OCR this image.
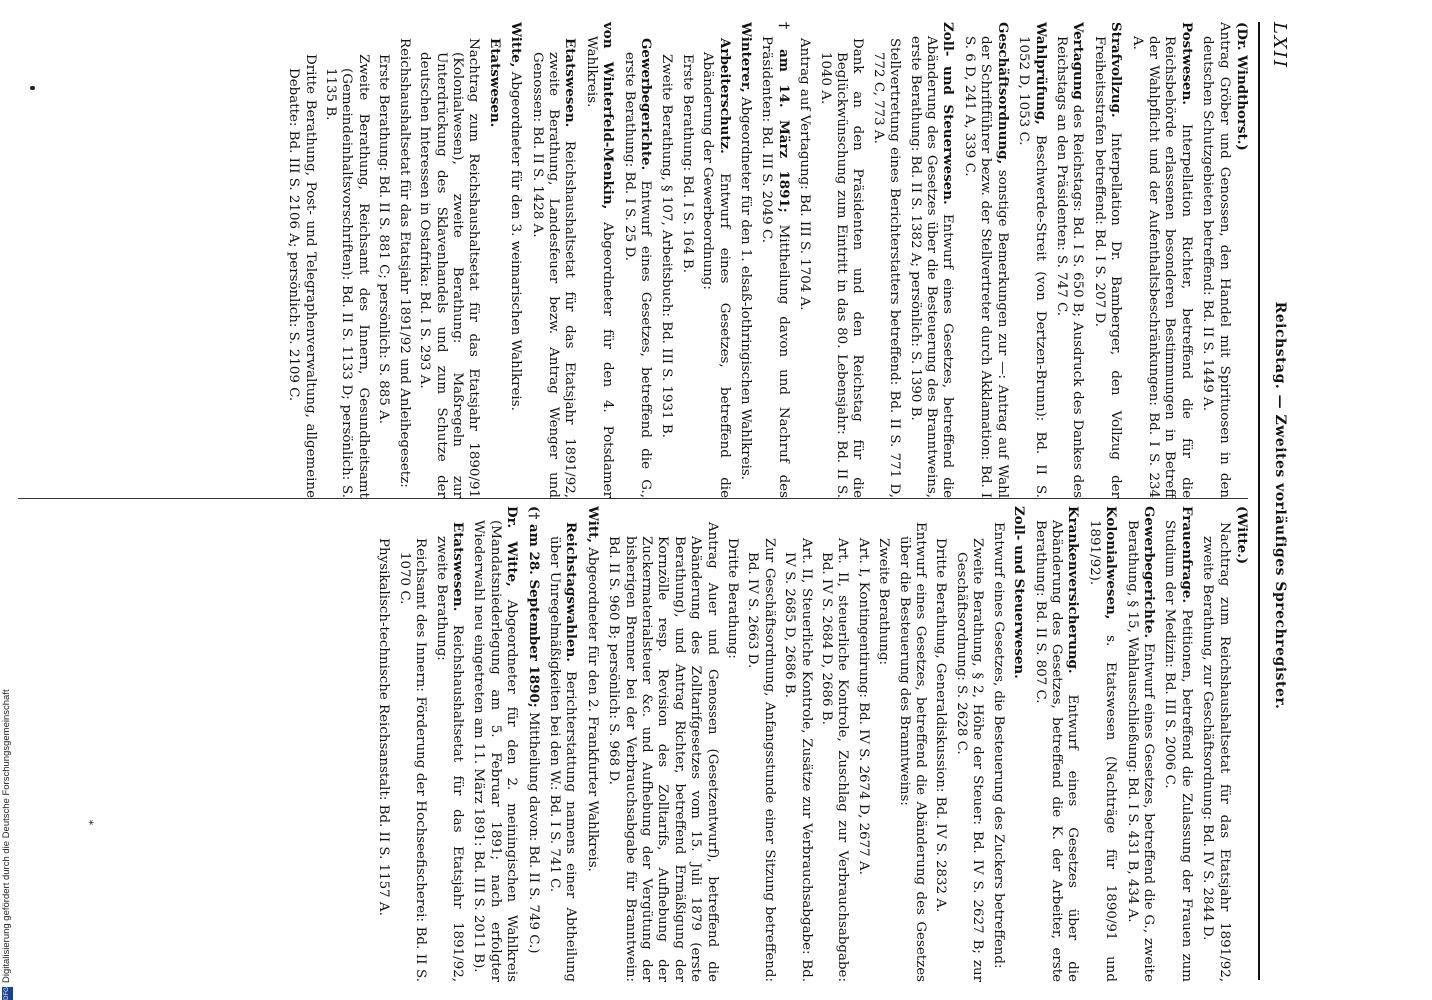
LXII
Reichstag. — Zweites vorläufiges Sprechregister.
(Dr. Windthorst.)

Antrag Gröber und Genossen, den Handel mit Spirituosen in den deutschen Schutzgebieten betreffend: Bd. II S. 1449 A.

Postwesen. Interpellation Richter, betreffend die für die Reichsbehörde erlassenen besonderen Bestimmungen in Betreff der Wahlpflicht und der Aufenthaltsbeschränkungen: Bd. I S. 234 A.

Strafvollzug. Interpellation Dr. Bamberger, den Vollzug der Freiheitsstrafen betreffend: Bd. I S. 207 D.

Vertagung des Reichstags: Bd. I S. 650 B; Ausdruck des Dankes des Reichstags an den Präsidenten: S. 747 C.

Wahlprüfung, Beschwerde-Streit (von Dertzen-Brunn): Bd. II S. 1052 D, 1053 C.

Geschäftsordnung, sonstige Bemerkungen zur —: Antrag auf Wahl der Schriftführer bezw. der Stellvertreter durch Akklamation: Bd. I S. 6 D, 241 A, 339 C.

Zoll- und Steuerwesen. Entwurf eines Gesetzes, betreffend die Abänderung des Gesetzes über die Besteuerung des Branntweins, erste Berathung: Bd. II S. 1382 A; persönlich: S. 1390 B.

Stellvertretung eines Berichterstatters betreffend: Bd. II S. 771 D, 772 C, 773 A.

Dank an den Präsidenten und den Reichstag für die Beglückwünschung zum Eintritt in das 80. Lebensjahr: Bd. II S. 1040 A.

Antrag auf Vertagung: Bd. III S. 1704 A.

† am 14. März 1891; Mittheilung davon und Nachruf des Präsidenten: Bd. III S. 2049 C.

Winterer, Abgeordneter für den 1. elsaß-lothringischen Wahlkreis.

Arbeiterschutz. Entwurf eines Gesetzes, betreffend die Abänderung der Gewerbeordnung:

Erste Berathung: Bd. I S. 164 B.

Zweite Berathung, § 107, Arbeitsbuch: Bd. III S. 1931 B.

Gewerbegerichte. Entwurf eines Gesetzes, betreffend die G., erste Berathung: Bd. I S. 25 D.

von Winterfeld-Menkin, Abgeordneter für den 4. Potsdamer Wahlkreis.

Etatswesen. Reichshaushaltsetat für das Etatsjahr 1891/92, zweite Berathung, Landesfeuer bezw. Antrag Wenger und Genossen: Bd. II S. 1428 A.

Witte, Abgeordneter für den 3. weimarischen Wahlkreis.

Etatswesen.

Nachtrag zum Reichshaushaltsetat für das Etatsjahr 1890/91 (Kolonialwesen), zweite Berathung: Maßregeln zur Unterdrückung des Sklavenhandels und zum Schutze der deutschen Interessen in Ostafrika: Bd. I S. 293 A.

Reichshaushaltsetat für das Etatsjahr 1891/92 und Anleihegesetz:

Erste Berathung: Bd. II S. 881 C; persönlich: S. 885 A.

Zweite Berathung, Reichsamt des Innern, Gesundheitsamt (Gemeindeinhaltsvorschriften): Bd. II S. 1133 D; persönlich: S. 1135 B.

Dritte Berathung, Post- und Telegraphenverwaltung, allgemeine Debatte: Bd. III S. 2106 A; persönlich: S. 2109 C.

(Witte.)

Nachtrag zum Reichshaushaltsetat für das Etatsjahr 1891/92, zweite Berathung, zur Geschäftsordnung: Bd. IV S. 2844 D.

Frauenfrage. Petitionen, betreffend die Zulassung der Frauen zum Studium der Medizin: Bd. III S. 2006 C.

Gewerbegerichte. Entwurf eines Gesetzes, betreffend die G., zweite Berathung, § 15, Wahlausschließung: Bd. I S. 431 B, 434 A.

Kolonialwesen, s. Etatswesen (Nachträge für 1890/91 und 1891/92).

Krankenversicherung. Entwurf eines Gesetzes über die Abänderung des Gesetzes, betreffend die K. der Arbeiter, erste Berathung: Bd. II S. 807 C.

Zoll- und Steuerwesen.

Entwurf eines Gesetzes, die Besteuerung des Zuckers betreffend:

Zweite Berathung, § 2, Höhe der Steuer: Bd. IV S. 2627 B; zur Geschäftsordnung: S. 2628 C.

Dritte Berathung, Generaldiskussion: Bd. IV S. 2832 A.

Entwurf eines Gesetzes, betreffend die Abänderung des Gesetzes über die Besteuerung des Branntweins:

Zweite Berathung:

Art. I, Kontingentirung: Bd. IV S. 2674 D, 2677 A.

Art. II, steuerliche Kontrole, Zuschlag zur Verbrauchsabgabe: Bd. IV S. 2684 D, 2686 B.

Art. II, Steuerliche Kontrole, Zusätze zur Verbrauchsabgabe: Bd. IV S. 2685 D, 2686 B.

Zur Geschäftsordnung, Anfangsstunde einer Sitzung betreffend: Bd. IV S. 2663 D.

Dritte Berathung:

Antrag Auer und Genossen (Gesetzentwurf), betreffend die Abänderung des Zolltarifgesetzes vom 15. Juli 1879 (erste Berathung), und Antrag Richter, betreffend Ermäßigung der Kornzölle resp. Revision des Zolltarifs, Aufhebung der Zuckermaterialsteuer &c. und Aufhebung der Vergütung der bisherigen Brenner bei der Verbrauchsabgabe für Branntwein: Bd. II S. 960 B; persönlich: S. 968 D.

Witt, Abgeordneter für den 2. Frankfurter Wahlkreis.

Reichstagswahlen. Berichterstattung namens einer Abtheilung über Unregelmäßigkeiten bei den W.: Bd. I S. 741 C.

(† am 28. September 1890; Mittheilung davon: Bd. II S. 749 C.)

Dr. Witte, Abgeordneter für den 2. meiningischen Wahlkreis (Mandatsniederlegung am 5. Februar 1891; nach erfolgter Wiederwahl neu eingetreten am 11. März 1891: Bd. III S. 2011 B).

Etatswesen. Reichshaushaltsetat für das Etatsjahr 1891/92, zweite Berathung:

Reichsamt des Innern: Förderung der Hochseefischerei: Bd. II S. 1070 C.

Physikalisch-technische Reichsanstalt: Bd. II S. 1157 A.

*
DFG
Digitalisierung gefördert durch die Deutsche Forschungsgemeinschaft
